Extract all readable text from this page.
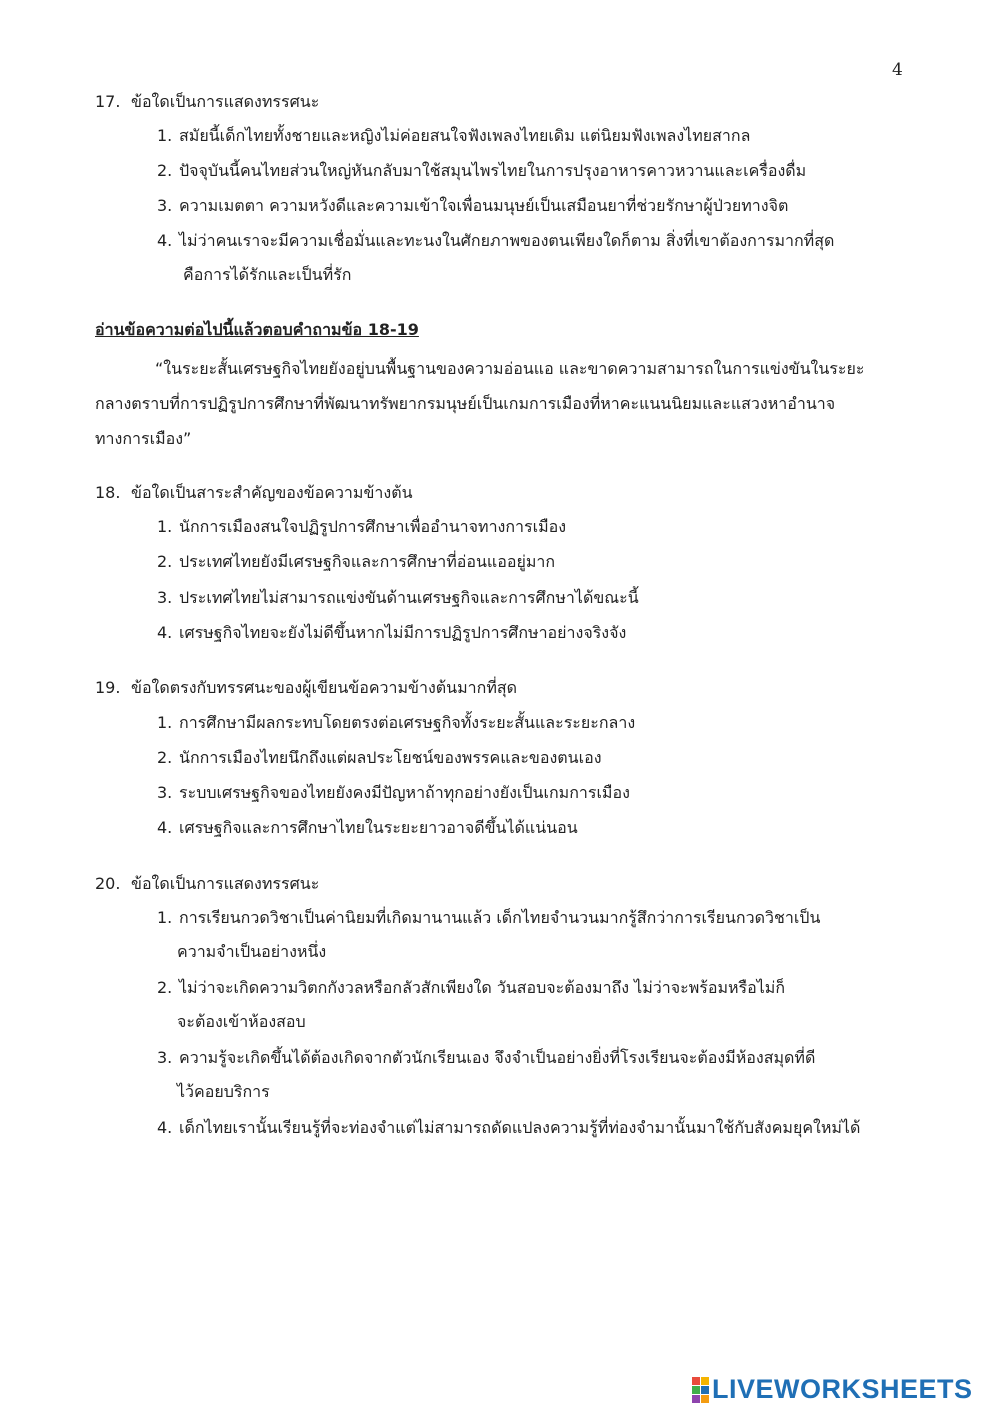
4
17. ข้อใดเป็นการแสดงทรรศนะ
1. สมัยนี้เด็กไทยทั้งชายและหญิงไม่ค่อยสนใจฟังเพลงไทยเดิม แต่นิยมฟังเพลงไทยสากล
2. ปัจจุบันนี้คนไทยส่วนใหญ่หันกลับมาใช้สมุนไพรไทยในการปรุงอาหารคาวหวานและเครื่องดื่ม
3. ความเมตตา ความหวังดีและความเข้าใจเพื่อนมนุษย์เป็นเสมือนยาที่ช่วยรักษาผู้ป่วยทางจิต
4. ไม่ว่าคนเราจะมีความเชื่อมั่นและทะนงในศักยภาพของตนเพียงใดก็ตาม สิ่งที่เขาต้องการมากที่สุด
คือการได้รักและเป็นที่รัก
อ่านข้อความต่อไปนี้แล้วตอบคำถามข้อ 18-19
“ในระยะสั้นเศรษฐกิจไทยยังอยู่บนพื้นฐานของความอ่อนแอ และขาดความสามารถในการแข่งขันในระยะกลางตราบที่การปฏิรูปการศึกษาที่พัฒนาทรัพยากรมนุษย์เป็นเกมการเมืองที่หาคะแนนนิยมและแสวงหาอำนาจทางการเมือง”
18. ข้อใดเป็นสาระสำคัญของข้อความข้างต้น
1. นักการเมืองสนใจปฏิรูปการศึกษาเพื่ออำนาจทางการเมือง
2. ประเทศไทยยังมีเศรษฐกิจและการศึกษาที่อ่อนแออยู่มาก
3. ประเทศไทยไม่สามารถแข่งขันด้านเศรษฐกิจและการศึกษาได้ขณะนี้
4. เศรษฐกิจไทยจะยังไม่ดีขึ้นหากไม่มีการปฏิรูปการศึกษาอย่างจริงจัง
19. ข้อใดตรงกับทรรศนะของผู้เขียนข้อความข้างต้นมากที่สุด
1. การศึกษามีผลกระทบโดยตรงต่อเศรษฐกิจทั้งระยะสั้นและระยะกลาง
2. นักการเมืองไทยนึกถึงแต่ผลประโยชน์ของพรรคและของตนเอง
3. ระบบเศรษฐกิจของไทยยังคงมีปัญหาถ้าทุกอย่างยังเป็นเกมการเมือง
4. เศรษฐกิจและการศึกษาไทยในระยะยาวอาจดีขึ้นได้แน่นอน
20. ข้อใดเป็นการแสดงทรรศนะ
1. การเรียนกวดวิชาเป็นค่านิยมที่เกิดมานานแล้ว เด็กไทยจำนวนมากรู้สึกว่าการเรียนกวดวิชาเป็น
ความจำเป็นอย่างหนึ่ง
2. ไม่ว่าจะเกิดความวิตกกังวลหรือกลัวสักเพียงใด วันสอบจะต้องมาถึง ไม่ว่าจะพร้อมหรือไม่ก็
จะต้องเข้าห้องสอบ
3. ความรู้จะเกิดขึ้นได้ต้องเกิดจากตัวนักเรียนเอง จึงจำเป็นอย่างยิ่งที่โรงเรียนจะต้องมีห้องสมุดที่ดี
ไว้คอยบริการ
4. เด็กไทยเรานั้นเรียนรู้ที่จะท่องจำแต่ไม่สามารถดัดแปลงความรู้ที่ท่องจำมานั้นมาใช้กับสังคมยุคใหม่ได้
LIVEWORKSHEETS
